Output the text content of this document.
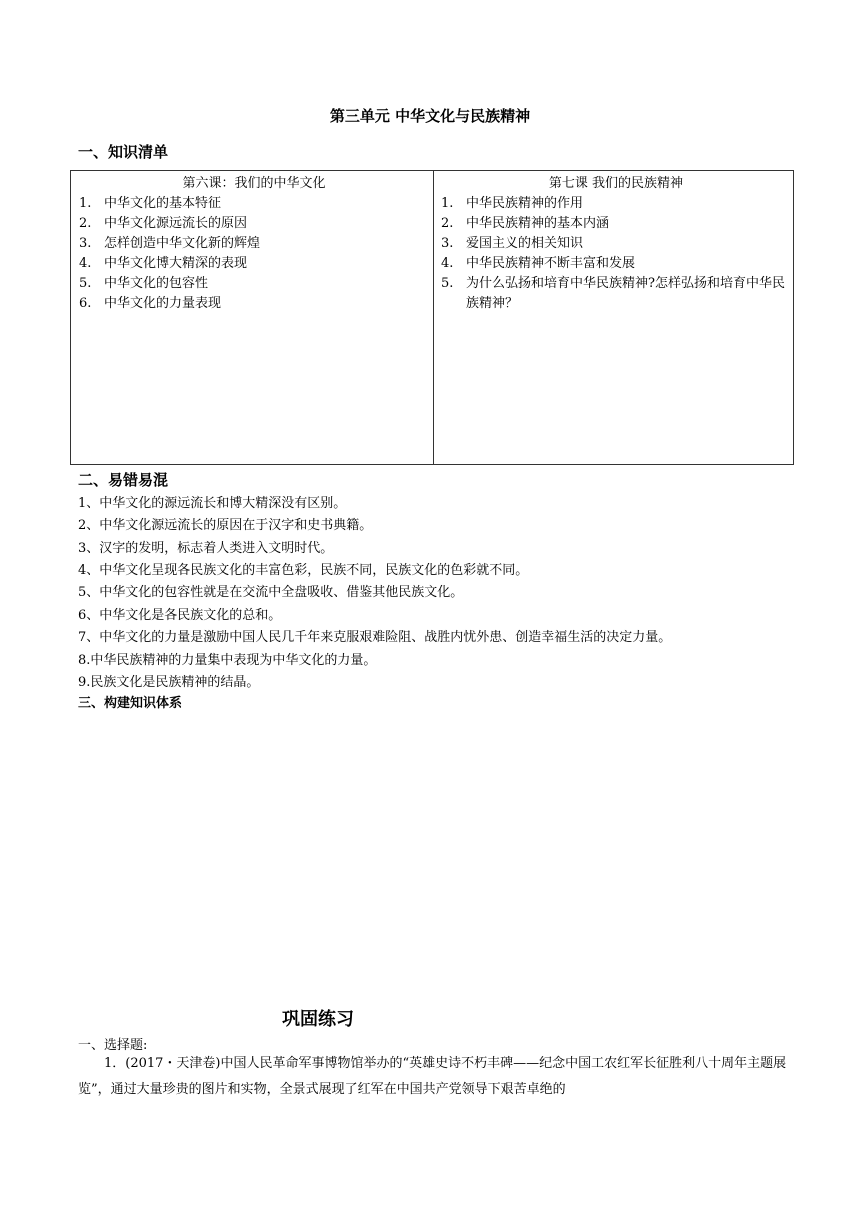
第三单元 中华文化与民族精神
一、知识清单
第六课：我们的中华文化
1. 中华文化的基本特征
2. 中华文化源远流长的原因
3. 怎样创造中华文化新的辉煌
4. 中华文化博大精深的表现
5. 中华文化的包容性
6. 中华文化的力量表现
第七课 我们的民族精神
1. 中华民族精神的作用
2. 中华民族精神的基本内涵
3. 爱国主义的相关知识
4. 中华民族精神不断丰富和发展
5. 为什么弘扬和培育中华民族精神?怎样弘扬和培育中华民族精神？
二、易错易混
1、中华文化的源远流长和博大精深没有区别。
2、中华文化源远流长的原因在于汉字和史书典籍。
3、汉字的发明，标志着人类进入文明时代。
4、中华文化呈现各民族文化的丰富色彩，民族不同，民族文化的色彩就不同。
5、中华文化的包容性就是在交流中全盘吸收、借鉴其他民族文化。
6、中华文化是各民族文化的总和。
7、中华文化的力量是激励中国人民几千年来克服艰难险阻、战胜内忧外患、创造幸福生活的决定力量。
8.中华民族精神的力量集中表现为中华文化的力量。
9.民族文化是民族精神的结晶。
三、构建知识体系
巩固练习
一、选择题:
1．(2017・天津卷)中国人民革命军事博物馆举办的“英雄史诗不朽丰碑——纪念中国工农红军长征胜利八十周年主题展览”，通过大量珍贵的图片和实物，全景式展现了红军在中国共产党领导下艰苦卓绝的
